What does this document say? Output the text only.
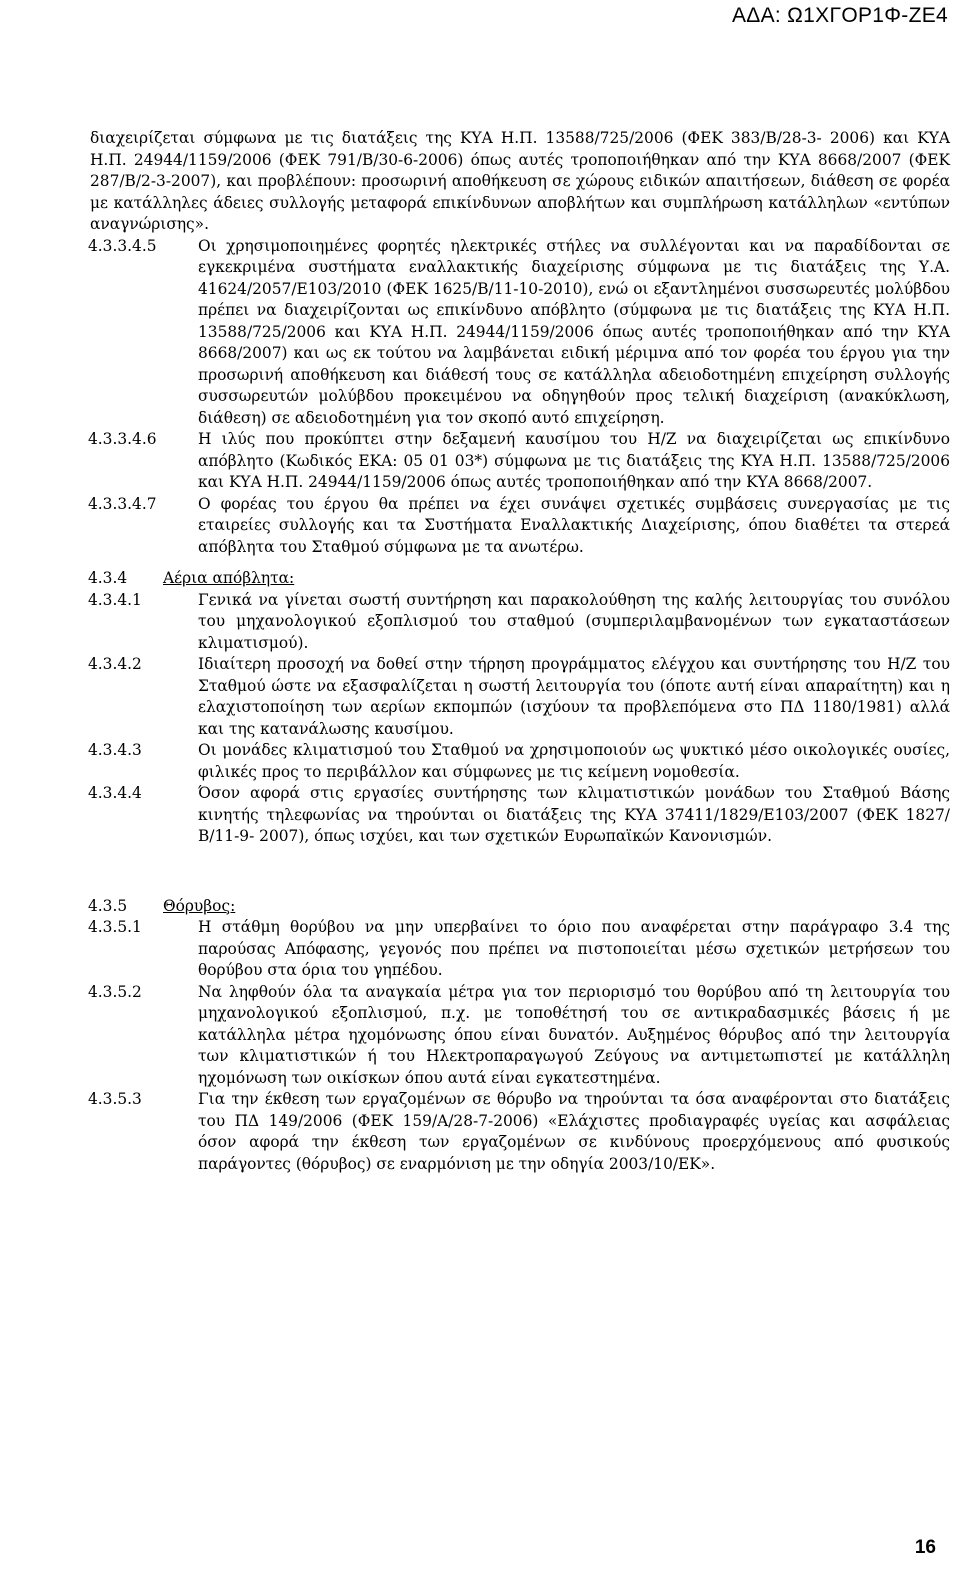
ΑΔΑ: Ω1ΧΓΟΡ1Φ-ΖΕ4

διαχειρίζεται σύμφωνα με τις διατάξεις της ΚΥΑ Η.Π. 13588/725/2006 (ΦΕΚ 383/Β/28-3- 2006) και ΚΥΑ Η.Π. 24944/1159/2006 (ΦΕΚ 791/Β/30-6-2006) όπως αυτές τροποποιήθηκαν από την ΚΥΑ 8668/2007 (ΦΕΚ 287/Β/2-3-2007), και προβλέπουν: προσωρινή αποθήκευση σε χώρους ειδικών απαιτήσεων, διάθεση σε φορέα με κατάλληλες άδειες συλλογής μεταφορά επικίνδυνων αποβλήτων και συμπλήρωση κατάλληλων «εντύπων αναγνώρισης».

4.3.3.4.5	Οι χρησιμοποιημένες φορητές ηλεκτρικές στήλες να συλλέγονται και να παραδίδονται σε εγκεκριμένα συστήματα εναλλακτικής διαχείρισης σύμφωνα με τις διατάξεις της Υ.Α. 41624/2057/Ε103/2010 (ΦΕΚ 1625/Β/11-10-2010), ενώ οι εξαντλημένοι συσσωρευτές μολύβδου πρέπει να διαχειρίζονται ως επικίνδυνο απόβλητο (σύμφωνα με τις διατάξεις της ΚΥΑ Η.Π. 13588/725/2006 και ΚΥΑ Η.Π. 24944/1159/2006 όπως αυτές τροποποιήθηκαν από την ΚΥΑ 8668/2007) και ως εκ τούτου να λαμβάνεται ειδική μέριμνα από τον φορέα του έργου για την προσωρινή αποθήκευση και διάθεσή τους σε κατάλληλα αδειοδοτημένη επιχείρηση συλλογής συσσωρευτών μολύβδου προκειμένου να οδηγηθούν προς τελική διαχείριση (ανακύκλωση, διάθεση) σε αδειοδοτημένη για τον σκοπό αυτό επιχείρηση.
4.3.3.4.6	Η ιλύς που προκύπτει στην δεξαμενή καυσίμου του Η/Ζ να διαχειρίζεται ως επικίνδυνο απόβλητο (Κωδικός ΕΚΑ: 05 01 03*) σύμφωνα με τις διατάξεις της ΚΥΑ Η.Π. 13588/725/2006 και ΚΥΑ Η.Π. 24944/1159/2006 όπως αυτές τροποποιήθηκαν από την ΚΥΑ 8668/2007.
4.3.3.4.7	Ο φορέας του έργου θα πρέπει να έχει συνάψει σχετικές συμβάσεις συνεργασίας με τις εταιρείες συλλογής και τα Συστήματα Εναλλακτικής Διαχείρισης, όπου διαθέτει τα στερεά απόβλητα του Σταθμού σύμφωνα με τα ανωτέρω.
4.3.4	Αέρια απόβλητα:
4.3.4.1	Γενικά να γίνεται σωστή συντήρηση και παρακολούθηση της καλής λειτουργίας του συνόλου του μηχανολογικού εξοπλισμού του σταθμού (συμπεριλαμβανομένων των εγκαταστάσεων κλιματισμού).
4.3.4.2	Ιδιαίτερη προσοχή να δοθεί στην τήρηση προγράμματος ελέγχου και συντήρησης του Η/Ζ του Σταθμού ώστε να εξασφαλίζεται η σωστή λειτουργία του (όποτε αυτή είναι απαραίτητη) και η ελαχιστοποίηση των αερίων εκπομπών (ισχύουν τα προβλεπόμενα στο ΠΔ 1180/1981) αλλά και της κατανάλωσης καυσίμου.
4.3.4.3	Οι μονάδες κλιματισμού του Σταθμού να χρησιμοποιούν ως ψυκτικό μέσο οικολογικές ουσίες, φιλικές προς το περιβάλλον και σύμφωνες με τις κείμενη νομοθεσία.
4.3.4.4	Όσον αφορά στις εργασίες συντήρησης των κλιματιστικών μονάδων του Σταθμού Βάσης κινητής τηλεφωνίας να τηρούνται οι διατάξεις της ΚΥΑ 37411/1829/Ε103/2007 (ΦΕΚ 1827/Β/11-9- 2007), όπως ισχύει, και των σχετικών Ευρωπαϊκών Κανονισμών.
4.3.5	Θόρυβος:
4.3.5.1	Η στάθμη θορύβου να μην υπερβαίνει το όριο που αναφέρεται στην παράγραφο 3.4 της παρούσας Απόφασης, γεγονός που πρέπει να πιστοποιείται μέσω σχετικών μετρήσεων του θορύβου στα όρια του γηπέδου.
4.3.5.2	Να ληφθούν όλα τα αναγκαία μέτρα για τον περιορισμό του θορύβου από τη λειτουργία του μηχανολογικού εξοπλισμού, π.χ. με τοποθέτησή του σε αντικραδασμικές βάσεις ή με κατάλληλα μέτρα ηχομόνωσης όπου είναι δυνατόν. Αυξημένος θόρυβος από την λειτουργία των κλιματιστικών ή του Ηλεκτροπαραγωγού Ζεύγους να αντιμετωπιστεί με κατάλληλη ηχομόνωση των οικίσκων όπου αυτά είναι εγκατεστημένα.
4.3.5.3	Για την έκθεση των εργαζομένων σε θόρυβο να τηρούνται τα όσα αναφέρονται στο διατάξεις του ΠΔ 149/2006 (ΦΕΚ 159/Α/28-7-2006) «Ελάχιστες προδιαγραφές υγείας και ασφάλειας όσον αφορά την έκθεση των εργαζομένων σε κινδύνους προερχόμενους από φυσικούς παράγοντες (θόρυβος) σε εναρμόνιση με την οδηγία 2003/10/ΕΚ».
16
